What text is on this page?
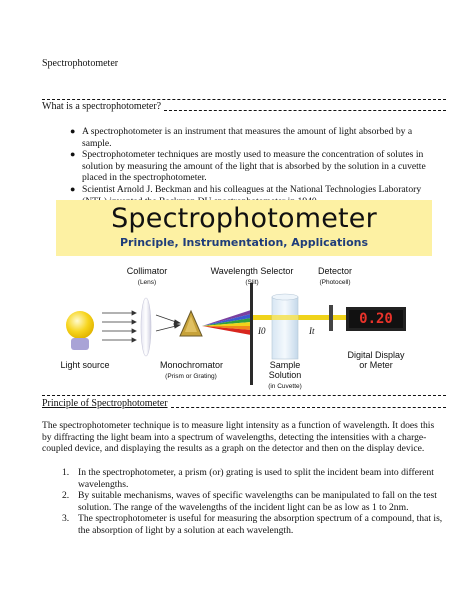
Spectrophotometer
What is a spectrophotometer?
● A spectrophotometer is an instrument that measures the amount of light absorbed by a sample.
● Spectrophotometer techniques are mostly used to measure the concentration of solutes in solution by measuring the amount of the light that is absorbed by the solution in a cuvette placed in the spectrophotometer.
● Scientist Arnold J. Beckman and his colleagues at the National Technologies Laboratory
Spectrophotometer
Principle, Instrumentation, Applications
Collimator
(Lens)
Wavelength Selector
(Slit)
Detector
(Photocell)
Light source	Monochromator
(Prism or Grating)
Sample
Solution
(in Cuvette)
Digital Display
or Meter
0.20
I0	It
Principle of Spectrophotometer
The spectrophotometer technique is to measure light intensity as a function of wavelength. It does this by diffracting the light beam into a spectrum of wavelengths, detecting the intensities with a charge-coupled device, and displaying the results as a graph on the detector and then on the display device.
1. In the spectrophotometer, a prism (or) grating is used to split the incident beam into different wavelengths.
2. By suitable mechanisms, waves of specific wavelengths can be manipulated to fall on the test solution. The range of the wavelengths of the incident light can be as low as 1 to 2nm.
3. The spectrophotometer is useful for measuring the absorption spectrum of a compound, that is, the absorption of light by a solution at each wavelength.
